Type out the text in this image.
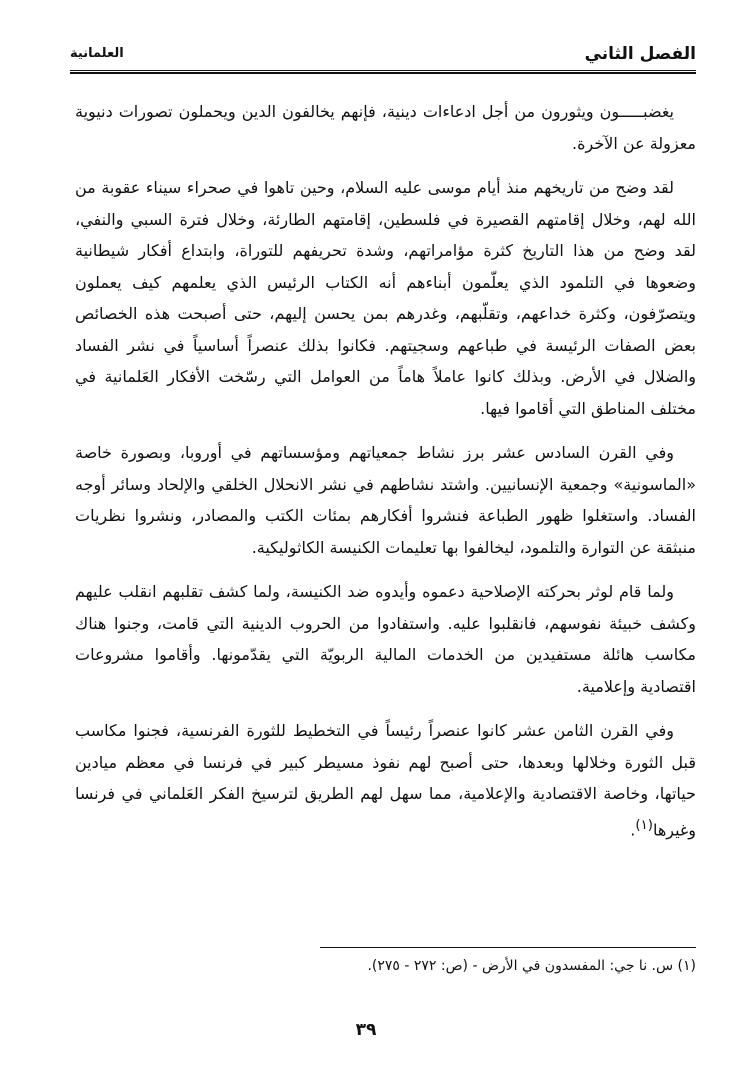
الفصل الثاني
العلمانية

يغضبـــــون ويثورون من أجل ادعاءات دينية، فإنهم يخالفون الدين ويحملون تصورات دنيوية معزولة عن الآخرة.

لقد وضح من تاريخهم منذ أيام موسى عليه السلام، وحين تاهوا في صحراء سيناء عقوبة من الله لهم، وخلال إقامتهم القصيرة في فلسطين، إقامتهم الطارئة، وخلال فترة السبي والنفي، لقد وضح من هذا التاريخ كثرة مؤامراتهم، وشدة تحريفهم للتوراة، وابتداع أفكار شيطانية وضعوها في التلمود الذي يعلّمون أبناءهم أنه الكتاب الرئيس الذي يعلمهم كيف يعملون ويتصرّفون، وكثرة خداعهم، وتقلّبهم، وغدرهم بمن يحسن إليهم، حتى أصبحت هذه الخصائص بعض الصفات الرئيسة في طباعهم وسجيتهم. فكانوا بذلك عنصراً أساسياً في نشر الفساد والضلال في الأرض. وبذلك كانوا عاملاً هاماً من العوامل التي رسّخت الأفكار العَلمانية في مختلف المناطق التي أقاموا فيها.

وفي القرن السادس عشر برز نشاط جمعياتهم ومؤسساتهم في أوروبا، وبصورة خاصة «الماسونية» وجمعية الإنسانيين. واشتد نشاطهم في نشر الانحلال الخلقي والإلحاد وسائر أوجه الفساد. واستغلوا ظهور الطباعة فنشروا أفكارهم بمئات الكتب والمصادر، ونشروا نظريات منبثقة عن التوارة والتلمود، ليخالفوا بها تعليمات الكنيسة الكاثوليكية.

ولما قام لوثر بحركته الإصلاحية دعموه وأيدوه ضد الكنيسة، ولما كشف تقلبهم انقلب عليهم وكشف خبيئة نفوسهم، فانقلبوا عليه. واستفادوا من الحروب الدينية التي قامت، وجنوا هناك مكاسب هائلة مستفيدين من الخدمات المالية الربويّة التي يقدّمونها. وأقاموا مشروعات اقتصادية وإعلامية.

وفي القرن الثامن عشر كانوا عنصراً رئيساً في التخطيط للثورة الفرنسية، فجنوا مكاسب قبل الثورة وخلالها وبعدها، حتى أصبح لهم نفوذ مسيطر كبير في فرنسا في معظم ميادين حياتها، وخاصة الاقتصادية والإعلامية، مما سهل لهم الطريق لترسيخ الفكر العَلماني في فرنسا وغيرها$^{(١)}$.

(١) س. نا جي: المفسدون في الأرض - (ص: ٢٧٢ - ٢٧٥).
٣٩
